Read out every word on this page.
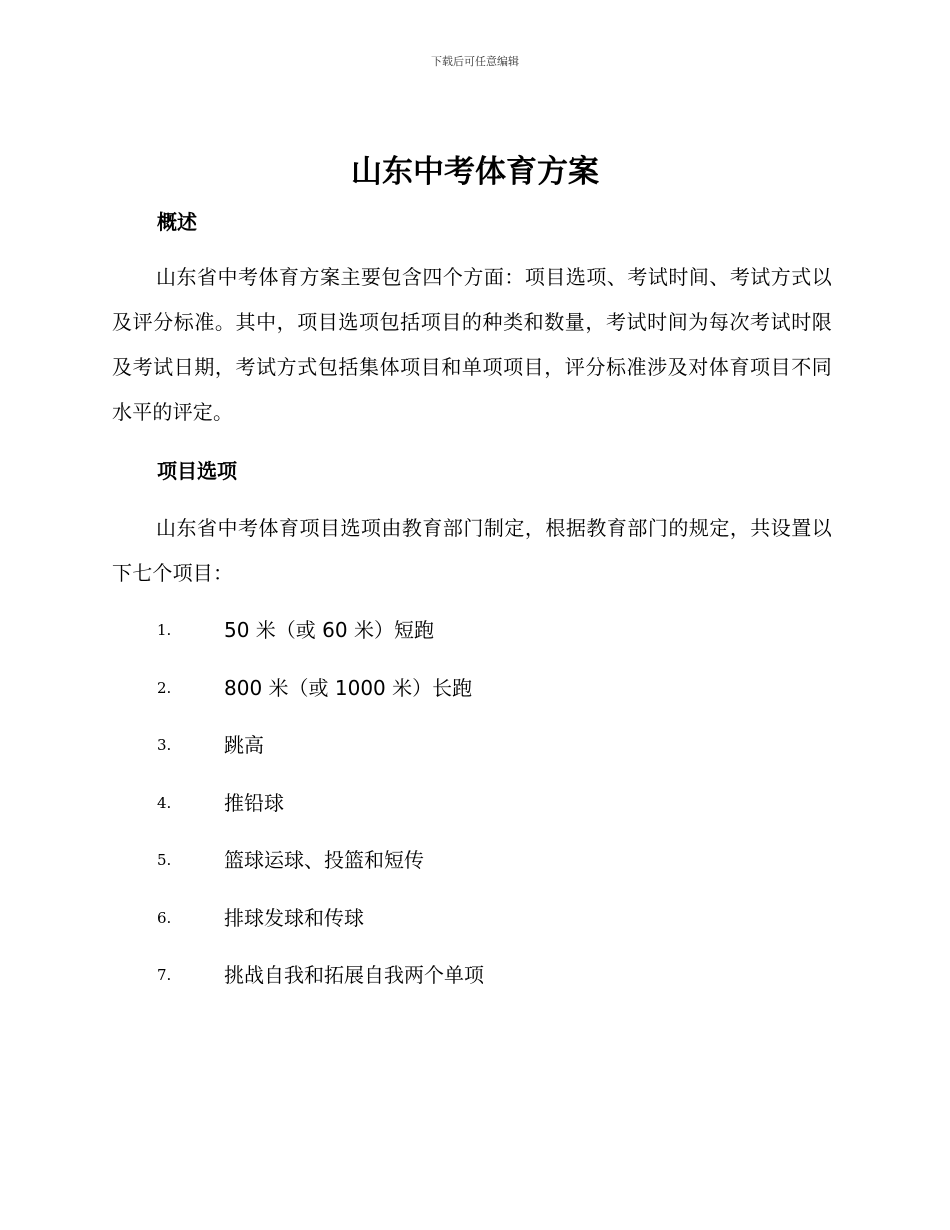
下载后可任意编辑
山东中考体育方案
概述

山东省中考体育方案主要包含四个方面：项目选项、考试时间、考试方式以及评分标准。其中，项目选项包括项目的种类和数量，考试时间为每次考试时限及考试日期，考试方式包括集体项目和单项项目，评分标准涉及对体育项目不同水平的评定。

项目选项

山东省中考体育项目选项由教育部门制定，根据教育部门的规定，共设置以下七个项目：

1.	50 米（或 60 米）短跑
2.	800 米（或 1000 米）长跑
3.	跳高
4.	推铅球
5.	篮球运球、投篮和短传
6.	排球发球和传球
7.	挑战自我和拓展自我两个单项
